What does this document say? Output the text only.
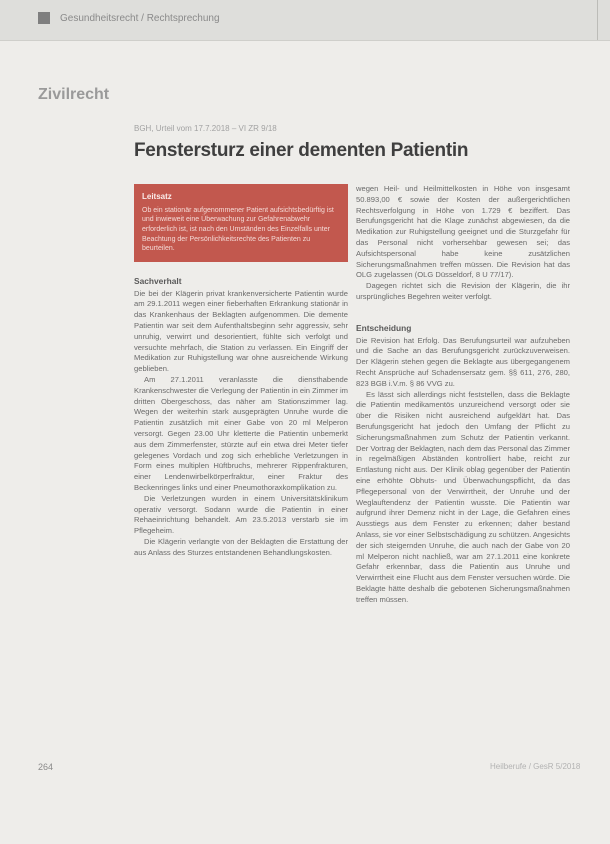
Gesundheitsrecht / Rechtsprechung
Zivilrecht
BGH, Urteil vom 17.7.2018 – VI ZR 9/18
Fenstersturz einer dementen Patientin
Leitsatz
Ob ein stationär aufgenommener Patient aufsichtsbedürftig ist und inwieweit eine Überwachung zur Gefahrenabwehr erforderlich ist, ist nach den Umständen des Einzelfalls unter Beachtung der Persönlichkeitsrechte des Patienten zu beurteilen.
Sachverhalt

Die bei der Klägerin privat krankenversicherte Patientin wurde am 29.1.2011 wegen einer fieberhaften Erkrankung stationär in das Krankenhaus der Beklagten aufgenommen. Die demente Patientin war seit dem Aufenthaltsbeginn sehr aggressiv, sehr unruhig, verwirrt und desorientiert, fühlte sich verfolgt und versuchte mehrfach, die Station zu verlassen. Ein Eingriff der Medikation zur Ruhigstellung war ohne ausreichende Wirkung geblieben.

Am 27.1.2011 veranlasste die diensthabende Krankenschwester die Verlegung der Patientin in ein Zimmer im dritten Obergeschoss, das näher am Stationszimmer lag. Wegen der weiterhin stark ausgeprägten Unruhe wurde die Patientin zusätzlich mit einer Gabe von 20 ml Melperon versorgt. Gegen 23.00 Uhr kletterte die Patientin unbemerkt aus dem Zimmerfenster, stürzte auf ein etwa drei Meter tiefer gelegenes Vordach und zog sich erhebliche Verletzungen in Form eines multiplen Hüftbruchs, mehrerer Rippenfrakturen, einer Lendenwirbelkörperfraktur, einer Fraktur des Beckenringes links und einer Pneumothoraxkomplikation zu.

Die Verletzungen wurden in einem Universitätsklinikum operativ versorgt. Sodann wurde die Patientin in einer Rehaeinrichtung behandelt. Am 23.5.2013 verstarb sie im Pflegeheim.

Die Klägerin verlangte von der Beklagten die Erstattung der aus Anlass des Sturzes entstandenen Behandlungskosten.

wegen Heil- und Heilmittelkosten in Höhe von insgesamt 50.893,00 € sowie der Kosten der außergerichtlichen Rechtsverfolgung in Höhe von 1.729 € beziffert. Das Berufungsgericht hat die Klage zunächst abgewiesen, da die Medikation zur Ruhigstellung geeignet und die Sturzgefahr für das Personal nicht vorhersehbar gewesen sei; das Aufsichtspersonal habe keine zusätzlichen Sicherungsmaßnahmen treffen müssen. Die Revision hat das OLG zugelassen (OLG Düsseldorf, 8 U 77/17).

Dagegen richtet sich die Revision der Klägerin, die ihr ursprüngliches Begehren weiter verfolgt.

Entscheidung

Die Revision hat Erfolg. Das Berufungsurteil war aufzuheben und die Sache an das Berufungsgericht zurückzuverweisen. Der Klägerin stehen gegen die Beklagte aus übergegangenem Recht Ansprüche auf Schadensersatz gem. §§ 611, 276, 280, 823 BGB i.V.m. § 86 VVG zu.

Es lässt sich allerdings nicht feststellen, dass die Beklagte die Patientin medikamentös unzureichend versorgt oder sie über die Risiken nicht ausreichend aufgeklärt hat. Das Berufungsgericht hat jedoch den Umfang der Pflicht zu Sicherungsmaßnahmen zum Schutz der Patientin verkannt. Der Vortrag der Beklagten, nach dem das Personal das Zimmer in regelmäßigen Abständen kontrolliert habe, reicht zur Entlastung nicht aus. Der Klinik oblag gegenüber der Patientin eine erhöhte Obhuts- und Überwachungspflicht, da das Pflegepersonal von der Verwirrtheit, der Unruhe und der Weglauftendenz der Patientin wusste. Die Patientin war aufgrund ihrer Demenz nicht in der Lage, die Gefahren eines Ausstiegs aus dem Fenster zu erkennen; daher bestand Anlass, sie vor einer Selbstschädigung zu schützen. Angesichts der sich steigernden Unruhe, die auch nach der Gabe von 20 ml Melperon nicht nachließ, war am 27.1.2011 eine konkrete Gefahr erkennbar, dass die Patientin aus Unruhe und Verwirrtheit eine Flucht aus dem Fenster versuchen würde. Die Beklagte hätte deshalb die gebotenen Sicherungsmaßnahmen treffen müssen.

264	Heilberufe / GesR 5/2018
